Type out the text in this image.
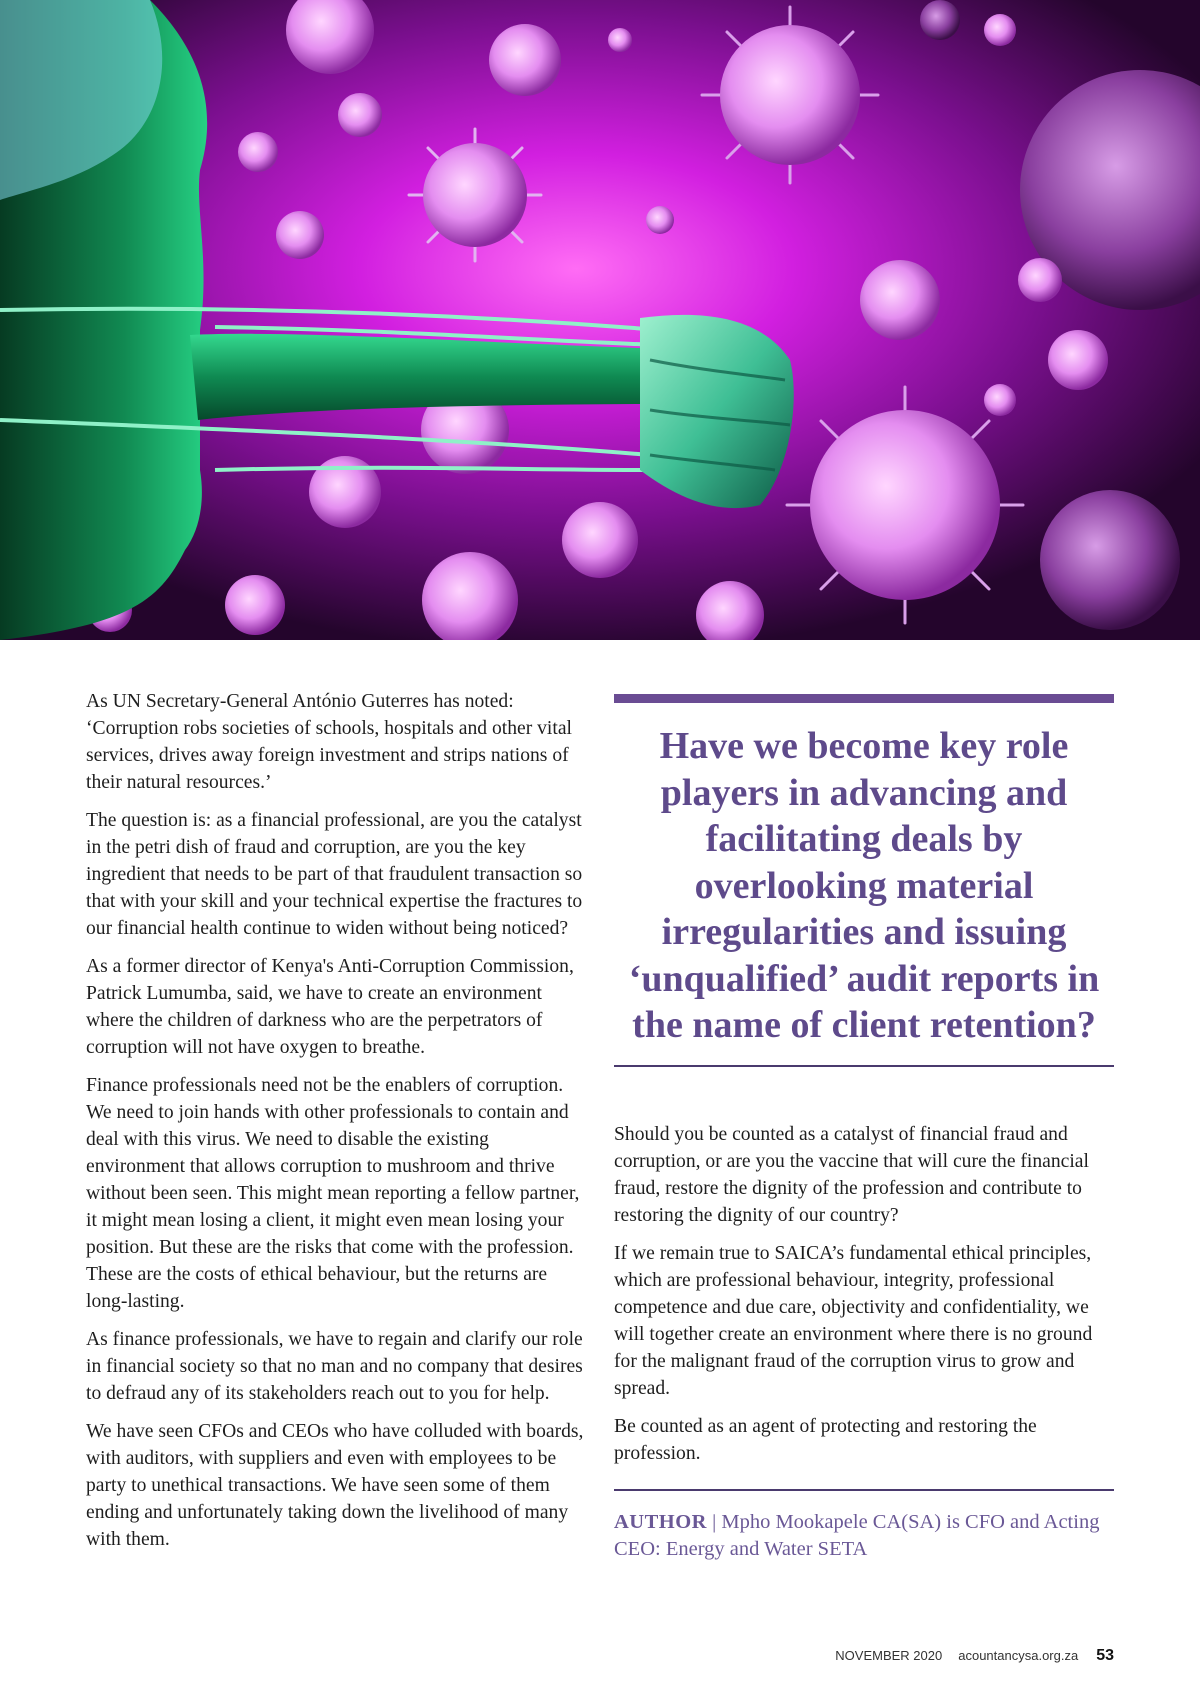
As UN Secretary-General António Guterres has noted: ‘Corruption robs societies of schools, hospitals and other vital services, drives away foreign investment and strips nations of their natural resources.’

The question is: as a financial professional, are you the catalyst in the petri dish of fraud and corruption, are you the key ingredient that needs to be part of that fraudulent transaction so that with your skill and your technical expertise the fractures to our financial health continue to widen without being noticed?

As a former director of Kenya's Anti-Corruption Commission, Patrick Lumumba, said, we have to create an environment where the children of darkness who are the perpetrators of corruption will not have oxygen to breathe.

Finance professionals need not be the enablers of corruption. We need to join hands with other professionals to contain and deal with this virus. We need to disable the existing environment that allows corruption to mushroom and thrive without been seen. This might mean reporting a fellow partner, it might mean losing a client, it might even mean losing your position. But these are the risks that come with the profession. These are the costs of ethical behaviour, but the returns are long-lasting.

As finance professionals, we have to regain and clarify our role in financial society so that no man and no company that desires to defraud any of its stakeholders reach out to you for help.

We have seen CFOs and CEOs who have colluded with boards, with auditors, with suppliers and even with employees to be party to unethical transactions. We have seen some of them ending and unfortunately taking down the livelihood of many with them.

Have we become key role players in advancing and facilitating deals by overlooking material irregularities and issuing ‘unqualified’ audit reports in the name of client retention?

Should you be counted as a catalyst of financial fraud and corruption, or are you the vaccine that will cure the financial fraud, restore the dignity of the profession and contribute to restoring the dignity of our country?

If we remain true to SAICA’s fundamental ethical principles, which are professional behaviour, integrity, professional competence and due care, objectivity and confidentiality, we will together create an environment where there is no ground for the malignant fraud of the corruption virus to grow and spread.

Be counted as an agent of protecting and restoring the profession.

AUTHOR | Mpho Mookapele CA(SA) is CFO and Acting CEO: Energy and Water SETA
NOVEMBER 2020 acountancysa.org.za 53
